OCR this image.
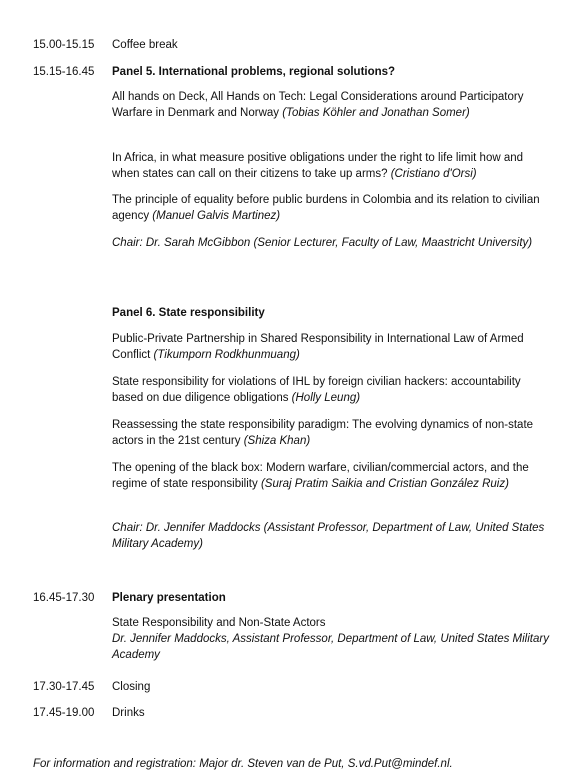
15.00-15.15 Coffee break
15.15-16.45 Panel 5. International problems, regional solutions?
All hands on Deck, All Hands on Tech: Legal Considerations around Participatory Warfare in Denmark and Norway (Tobias Köhler and Jonathan Somer)
In Africa, in what measure positive obligations under the right to life limit how and when states can call on their citizens to take up arms? (Cristiano d'Orsi)
The principle of equality before public burdens in Colombia and its relation to civilian agency (Manuel Galvis Martinez)
Chair: Dr. Sarah McGibbon (Senior Lecturer, Faculty of Law, Maastricht University)
Panel 6. State responsibility
Public-Private Partnership in Shared Responsibility in International Law of Armed Conflict (Tikumporn Rodkhunmuang)
State responsibility for violations of IHL by foreign civilian hackers: accountability based on due diligence obligations (Holly Leung)
Reassessing the state responsibility paradigm: The evolving dynamics of non-state actors in the 21st century (Shiza Khan)
The opening of the black box: Modern warfare, civilian/commercial actors, and the regime of state responsibility (Suraj Pratim Saikia and Cristian González Ruiz)
Chair: Dr. Jennifer Maddocks (Assistant Professor, Department of Law, United States Military Academy)
16.45-17.30 Plenary presentation
State Responsibility and Non-State Actors
Dr. Jennifer Maddocks, Assistant Professor, Department of Law, United States Military Academy
17.30-17.45 Closing
17.45-19.00 Drinks
For information and registration: Major dr. Steven van de Put, S.vd.Put@mindef.nl.
